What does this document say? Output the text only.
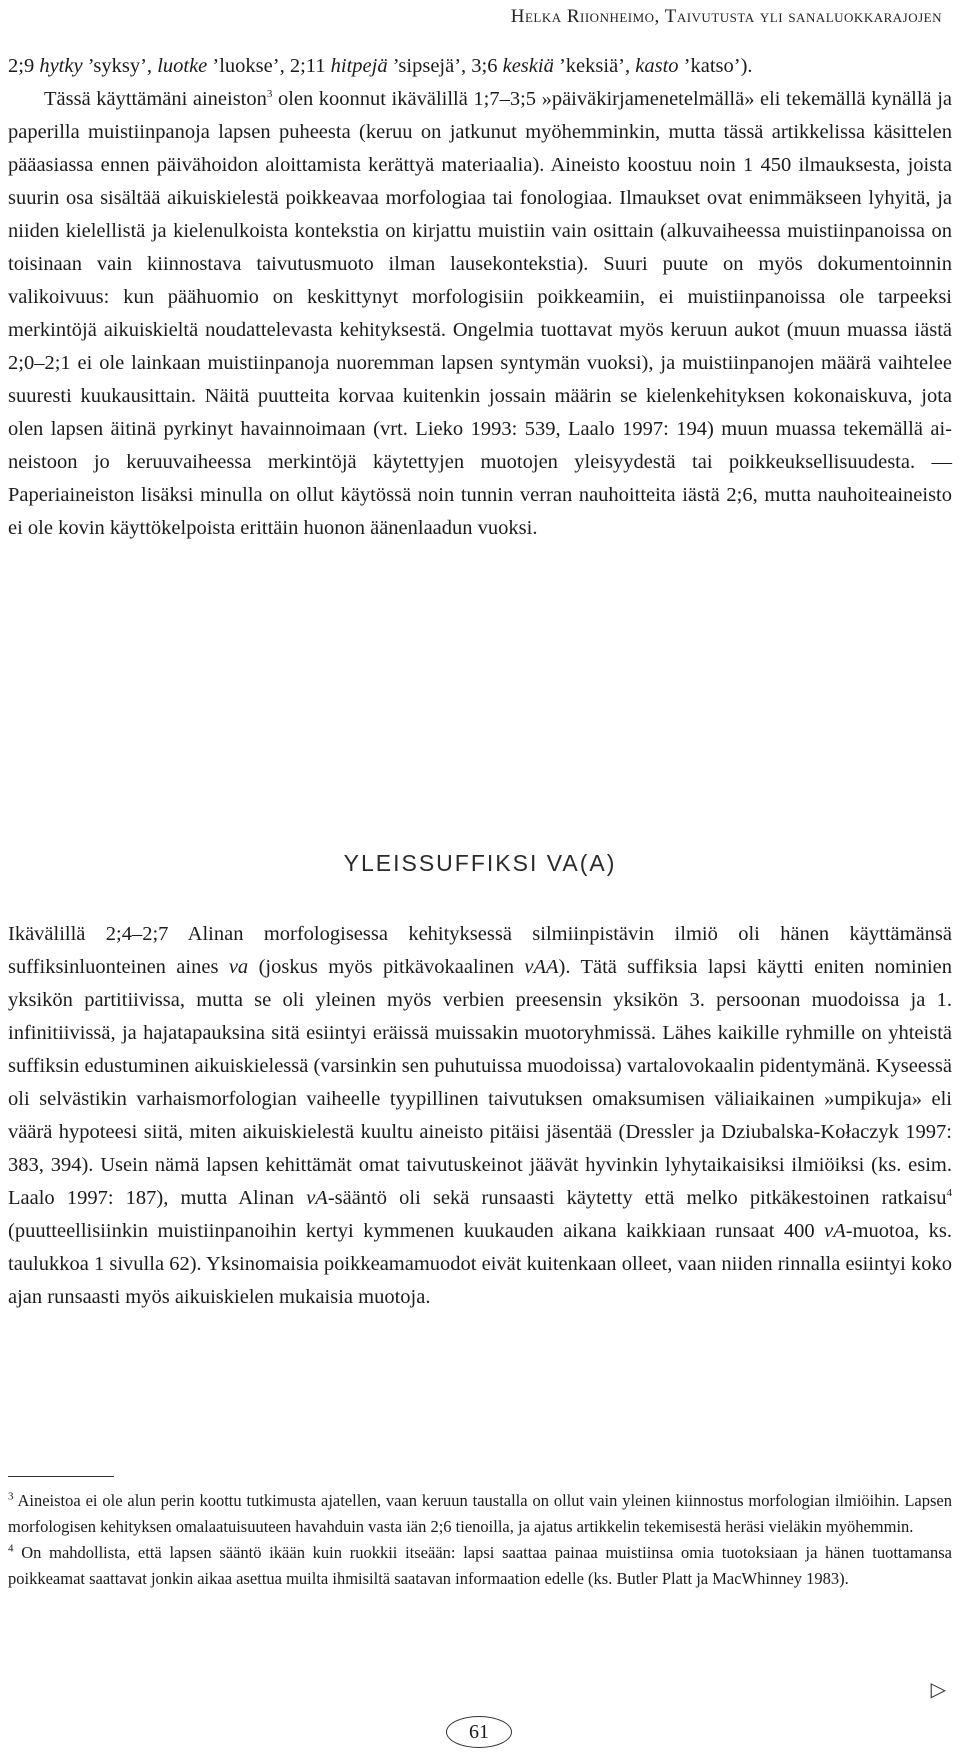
Helka Riionheimo, Taivutusta yli sanaluokkarajojen

2;9 hytky ’syksy’, luotke ’luokse’, 2;11 hitpejä ’sipsejä’, 3;6 keskiä ’keksiä’, kasto ’katso’).

Tässä käyttämäni aineiston$^3$ olen koonnut ikävälillä 1;7–3;5 »päiväkirjamenetelmällä» eli tekemällä kynällä ja paperilla muistiinpanoja lapsen puheesta (keruu on jatkunut myöhemminkin, mutta tässä artikkelissa käsittelen pääasiassa ennen päivähoidon aloittamista kerättyä materiaalia). Aineisto koostuu noin 1 450 ilmauksesta, joista suurin osa sisältää aikuiskielestä poikkeavaa morfologiaa tai fonologiaa. Ilmaukset ovat enimmäkseen lyhyitä, ja niiden kielellistä ja kielenulkoista kontekstia on kirjattu muistiin vain osittain (alkuvaiheessa muistiinpanoissa on toisinaan vain kiinnostava taivutusmuoto ilman lausekontekstia). Suuri puute on myös dokumentoinnin valikoivuus: kun päähuomio on keskittynyt morfologisiin poikkeamiin, ei muistiinpanoissa ole tarpeeksi merkintöjä aikuiskieltä noudattelevasta kehityksestä. Ongelmia tuottavat myös keruun aukot (muun muassa iästä 2;0–2;1 ei ole lainkaan muistiinpanoja nuoremman lapsen syntymän vuoksi), ja muistiinpanojen määrä vaihtelee suuresti kuukausittain. Näitä puutteita korvaa kuitenkin jossain määrin se kielenkehityksen kokonaiskuva, jota olen lapsen äitinä pyrkinyt havainnoimaan (vrt. Lieko 1993: 539, Laalo 1997: 194) muun muassa tekemällä aineistoon jo keruuvaiheessa merkintöjä käytettyjen muotojen yleisyydestä tai poikkeuksellisuudesta. — Paperiaineiston lisäksi minulla on ollut käytössä noin tunnin verran nauhoitteita iästä 2;6, mutta nauhoiteaineisto ei ole kovin käyttökelpoista erittäin huonon äänenlaadun vuoksi.

YLEISSUFFIKSI VA(A)

Ikävälillä 2;4–2;7 Alinan morfologisessa kehityksessä silmiinpistävin ilmiö oli hänen käyttämänsä suffiksinluonteinen aines va (joskus myös pitkävokaalinen vAA). Tätä suffiksia lapsi käytti eniten nominien yksikön partitiivissa, mutta se oli yleinen myös verbien preesensin yksikön 3. persoonan muodoissa ja 1. infinitiivissä, ja hajatapauksina sitä esiintyi eräissä muissakin muotoryhmissä. Lähes kaikille ryhmille on yhteistä suffiksin edustuminen aikuiskielessä (varsinkin sen puhutuissa muodoissa) vartalovokaalin pidentymänä. Kyseessä oli selvästikin varhaismorfologian vaiheelle tyypillinen taivutuksen omaksumisen väliaikainen »umpikuja» eli väärä hypoteesi siitä, miten aikuiskielestä kuultu aineisto pitäisi jäsentää (Dressler ja Dziubalska-Kołaczyk 1997: 383, 394). Usein nämä lapsen kehittämät omat taivutuskeinot jäävät hyvinkin lyhytaikaisiksi ilmiöiksi (ks. esim. Laalo 1997: 187), mutta Alinan vA-sääntö oli sekä runsaasti käytetty että melko pitkäkestoinen ratkaisu$^4$ (puutteellisiinkin muistiinpanoihin kertyi kymmenen kuukauden aikana kaikkiaan runsaat 400 vA-muotoa, ks. taulukkoa 1 sivulla 62). Yksinomaisia poikkeamamuodot eivät kuitenkaan olleet, vaan niiden rinnalla esiintyi koko ajan runsaasti myös aikuiskielen mukaisia muotoja.

$^3$ Aineistoa ei ole alun perin koottu tutkimusta ajatellen, vaan keruun taustalla on ollut vain yleinen kiinnostus morfologian ilmiöihin. Lapsen morfologisen kehityksen omalaatuisuuteen havahduin vasta iän 2;6 tienoilla, ja ajatus artikkelin tekemisestä heräsi vieläkin myöhemmin.

$^4$ On mahdollista, että lapsen sääntö ikään kuin ruokkii itseään: lapsi saattaa painaa muistiinsa omia tuotoksiaan ja hänen tuottamansa poikkeamat saattavat jonkin aikaa asettua muilta ihmisiltä saatavan informaation edelle (ks. Butler Platt ja MacWhinney 1983).

▷
61
